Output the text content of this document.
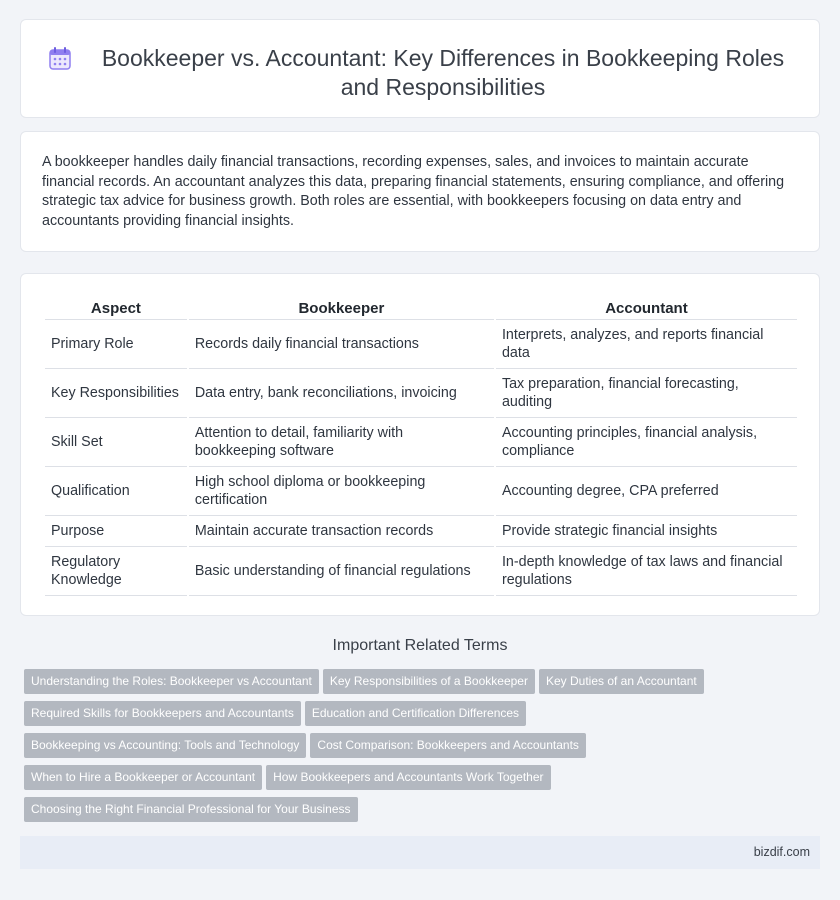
Bookkeeper vs. Accountant: Key Differences in Bookkeeping Roles and Responsibilities

A bookkeeper handles daily financial transactions, recording expenses, sales, and invoices to maintain accurate financial records. An accountant analyzes this data, preparing financial statements, ensuring compliance, and offering strategic tax advice for business growth. Both roles are essential, with bookkeepers focusing on data entry and accountants providing financial insights.

Aspect	Bookkeeper	Accountant
Primary Role	Records daily financial transactions	Interprets, analyzes, and reports financial data
Key Responsibilities	Data entry, bank reconciliations, invoicing	Tax preparation, financial forecasting, auditing
Skill Set	Attention to detail, familiarity with bookkeeping software	Accounting principles, financial analysis, compliance
Qualification	High school diploma or bookkeeping certification	Accounting degree, CPA preferred
Purpose	Maintain accurate transaction records	Provide strategic financial insights
Regulatory Knowledge	Basic understanding of financial regulations	In-depth knowledge of tax laws and financial regulations
Important Related Terms
Understanding the Roles: Bookkeeper vs Accountant Key Responsibilities of a Bookkeeper Key Duties of an Accountant
Required Skills for Bookkeepers and Accountants Education and Certification Differences
Bookkeeping vs Accounting: Tools and Technology Cost Comparison: Bookkeepers and Accountants
When to Hire a Bookkeeper or Accountant How Bookkeepers and Accountants Work Together
Choosing the Right Financial Professional for Your Business
bizdif.com
